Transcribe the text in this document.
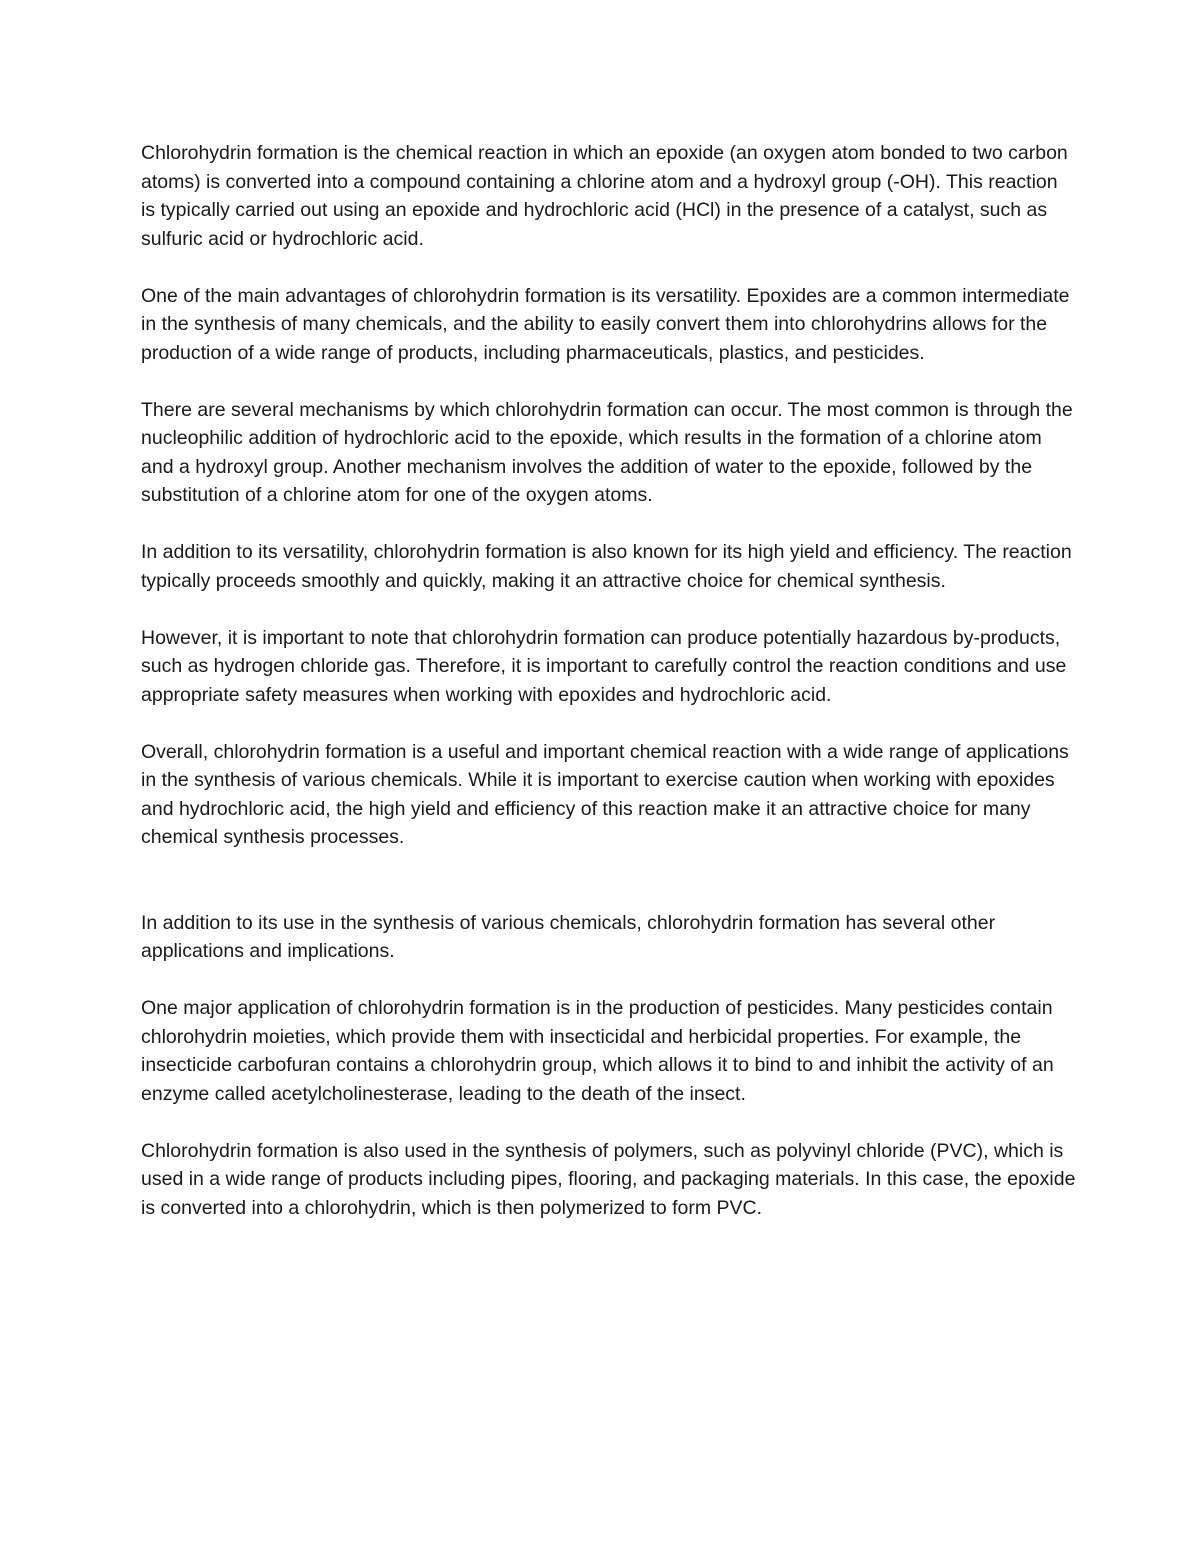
Chlorohydrin formation is the chemical reaction in which an epoxide (an oxygen atom bonded to two carbon atoms) is converted into a compound containing a chlorine atom and a hydroxyl group (-OH). This reaction is typically carried out using an epoxide and hydrochloric acid (HCl) in the presence of a catalyst, such as sulfuric acid or hydrochloric acid.

One of the main advantages of chlorohydrin formation is its versatility. Epoxides are a common intermediate in the synthesis of many chemicals, and the ability to easily convert them into chlorohydrins allows for the production of a wide range of products, including pharmaceuticals, plastics, and pesticides.

There are several mechanisms by which chlorohydrin formation can occur. The most common is through the nucleophilic addition of hydrochloric acid to the epoxide, which results in the formation of a chlorine atom and a hydroxyl group. Another mechanism involves the addition of water to the epoxide, followed by the substitution of a chlorine atom for one of the oxygen atoms.

In addition to its versatility, chlorohydrin formation is also known for its high yield and efficiency. The reaction typically proceeds smoothly and quickly, making it an attractive choice for chemical synthesis.

However, it is important to note that chlorohydrin formation can produce potentially hazardous by-products, such as hydrogen chloride gas. Therefore, it is important to carefully control the reaction conditions and use appropriate safety measures when working with epoxides and hydrochloric acid.

Overall, chlorohydrin formation is a useful and important chemical reaction with a wide range of applications in the synthesis of various chemicals. While it is important to exercise caution when working with epoxides and hydrochloric acid, the high yield and efficiency of this reaction make it an attractive choice for many chemical synthesis processes.

In addition to its use in the synthesis of various chemicals, chlorohydrin formation has several other applications and implications.

One major application of chlorohydrin formation is in the production of pesticides. Many pesticides contain chlorohydrin moieties, which provide them with insecticidal and herbicidal properties. For example, the insecticide carbofuran contains a chlorohydrin group, which allows it to bind to and inhibit the activity of an enzyme called acetylcholinesterase, leading to the death of the insect.

Chlorohydrin formation is also used in the synthesis of polymers, such as polyvinyl chloride (PVC), which is used in a wide range of products including pipes, flooring, and packaging materials. In this case, the epoxide is converted into a chlorohydrin, which is then polymerized to form PVC.
